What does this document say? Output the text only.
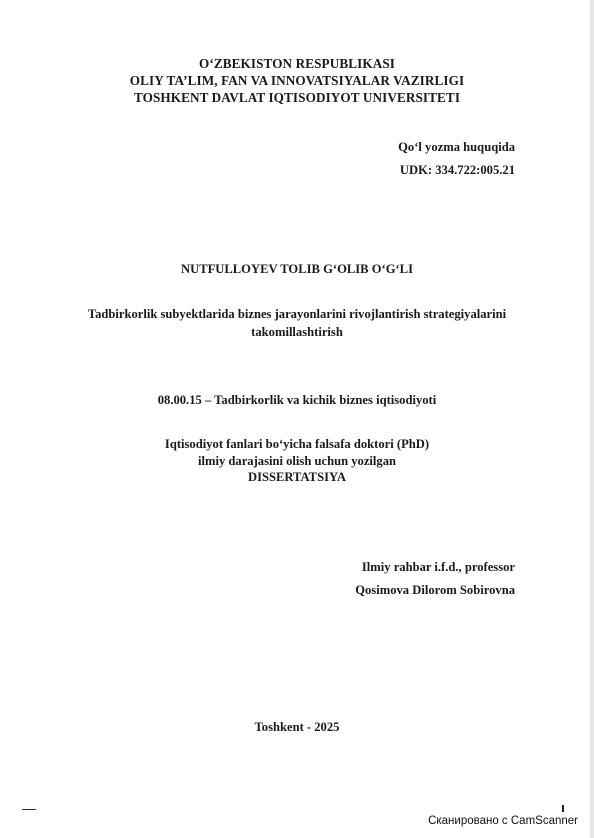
O‘ZBEKISTON RESPUBLIKASI
OLIY TA’LIM, FAN VA INNOVATSIYALAR VAZIRLIGI
TOSHKENT DAVLAT IQTISODIYOT UNIVERSITETI
Qo‘l yozma huquqida
UDK: 334.722:005.21
NUTFULLOYEV TOLIB G‘OLIB O‘G‘LI
Tadbirkorlik subyektlarida biznes jarayonlarini rivojlantirish strategiyalarini
takomillashtirish
08.00.15 – Tadbirkorlik va kichik biznes iqtisodiyoti
Iqtisodiyot fanlari bo‘yicha falsafa doktori (PhD)
ilmiy darajasini olish uchun yozilgan
DISSERTATSIYA
Ilmiy rahbar i.f.d., professor
Qosimova Dilorom Sobirovna
Toshkent - 2025
Сканировано с CamScanner
